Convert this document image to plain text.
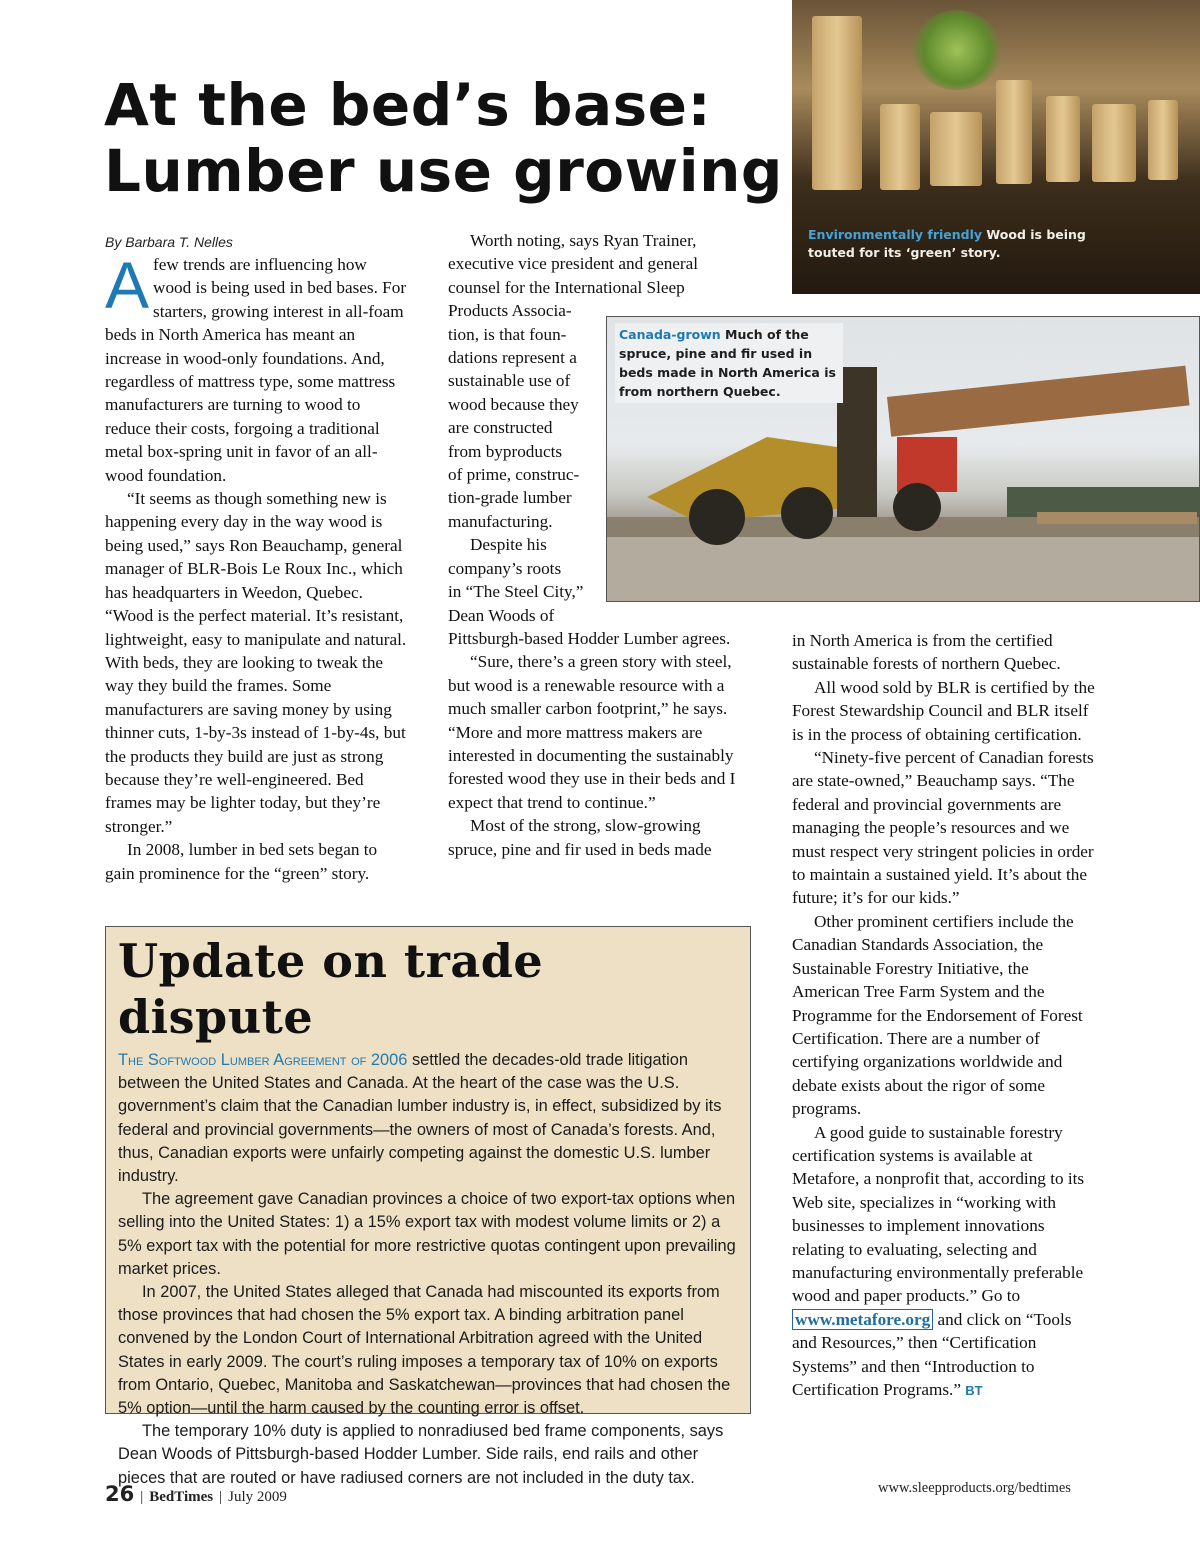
At the bed’s base:
Lumber use growing
By Barbara T. Nelles

Afew trends are influencing how wood is being used in bed bases. For starters, growing interest in all-foam beds in North America has meant an increase in wood-only foundations. And, regardless of mattress type, some mattress manufacturers are turning to wood to reduce their costs, forgoing a traditional metal box-spring unit in favor of an all-wood foundation.

“It seems as though something new is happening every day in the way wood is being used,” says Ron Beauchamp, general manager of BLR-Bois Le Roux Inc., which has headquarters in Weedon, Quebec. “Wood is the perfect material. It’s resistant, lightweight, easy to manipulate and natural. With beds, they are looking to tweak the way they build the frames. Some manufacturers are saving money by using thinner cuts, 1-by-3s instead of 1-by-4s, but the products they build are just as strong because they’re well-engineered. Bed frames may be lighter today, but they’re stronger.”

In 2008, lumber in bed sets began to gain prominence for the “green” story.

Worth noting, says Ryan Trainer, executive vice president and general counsel for the International Sleep
Products Associa-
tion, is that foun-
dations represent a
sustainable use of
wood because they
are constructed
from byproducts
of prime, construc-
tion-grade lumber
manufacturing.

Despite his
company’s roots
in “The Steel City,”
Dean Woods of
Pittsburgh-based Hodder Lumber agrees.

“Sure, there’s a green story with steel, but wood is a renewable resource with a much smaller carbon footprint,” he says. “More and more mattress makers are interested in documenting the sustainably forested wood they use in their beds and I expect that trend to continue.”

Most of the strong, slow-growing spruce, pine and fir used in beds made

in North America is from the certified sustainable forests of northern Quebec.

All wood sold by BLR is certified by the Forest Stewardship Council and BLR itself is in the process of obtaining certification.

“Ninety-five percent of Canadian forests are state-owned,” Beauchamp says. “The federal and provincial governments are managing the people’s resources and we must respect very stringent policies in order to maintain a sustained yield. It’s about the future; it’s for our kids.”

Other prominent certifiers include the Canadian Standards Association, the Sustainable Forestry Initiative, the American Tree Farm System and the Programme for the Endorsement of Forest Certification. There are a number of certifying organizations worldwide and debate exists about the rigor of some programs.

A good guide to sustainable forestry certification systems is available at Metafore, a nonprofit that, according to its Web site, specializes in “working with businesses to implement innovations relating to evaluating, selecting and manufacturing environmentally preferable wood and paper products.” Go to www.metafore.org and click on “Tools and Resources,” then “Certification Systems” and then “Introduction to Certification Programs.” BT

Environmentally friendly Wood is being touted for its ‘green’ story.
Canada-grown Much of the spruce, pine and fir used in beds made in North America is from northern Quebec.
Update on trade dispute

The Softwood Lumber Agreement of 2006 settled the decades-old trade litigation between the United States and Canada. At the heart of the case was the U.S. government’s claim that the Canadian lumber industry is, in effect, subsidized by its federal and provincial governments—the owners of most of Canada’s forests. And, thus, Canadian exports were unfairly competing against the domestic U.S. lumber industry.

The agreement gave Canadian provinces a choice of two export-tax options when selling into the United States: 1) a 15% export tax with modest volume limits or 2) a 5% export tax with the potential for more restrictive quotas contingent upon prevailing market prices.

In 2007, the United States alleged that Canada had miscounted its exports from those provinces that had chosen the 5% export tax. A binding arbitration panel convened by the London Court of International Arbitration agreed with the United States in early 2009. The court’s ruling imposes a temporary tax of 10% on exports from Ontario, Quebec, Manitoba and Saskatchewan—provinces that had chosen the 5% option—until the harm caused by the counting error is offset.

The temporary 10% duty is applied to nonradiused bed frame components, says Dean Woods of Pittsburgh-based Hodder Lumber. Side rails, end rails and other pieces that are routed or have radiused corners are not included in the duty tax.

26 | BedTimes | July 2009
www.sleepproducts.org/bedtimes
